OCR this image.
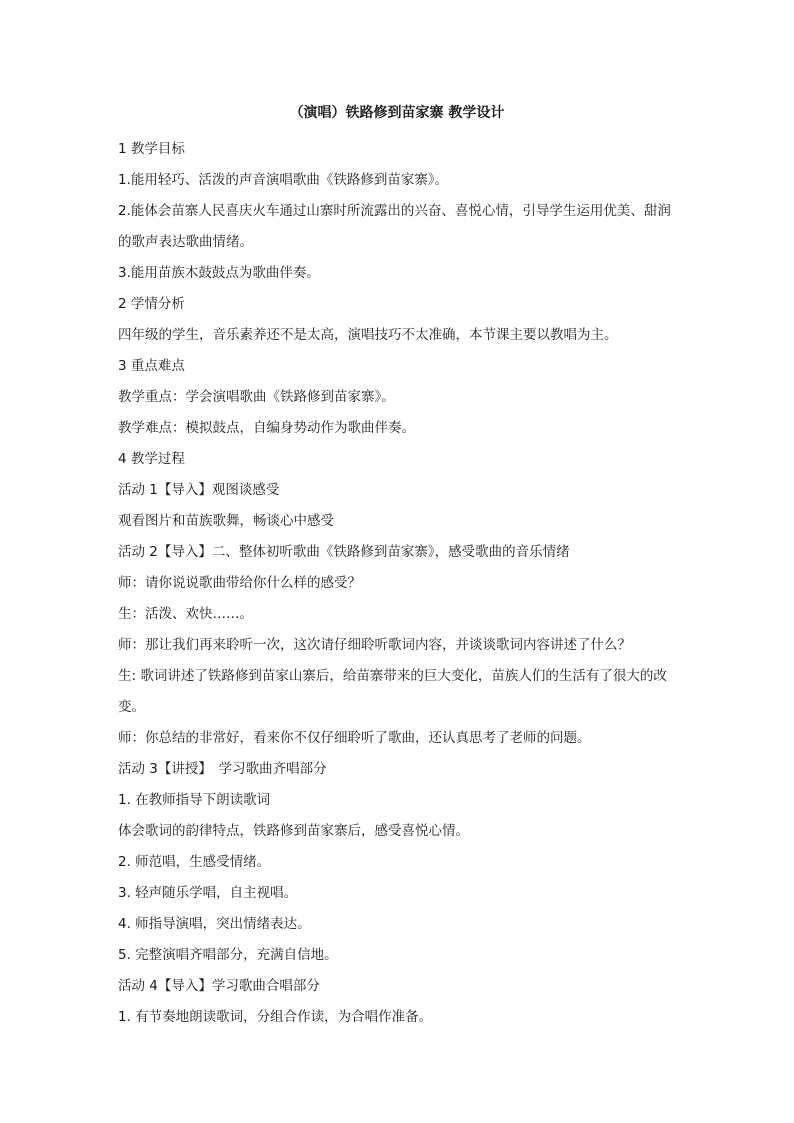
（演唱）铁路修到苗家寨 教学设计
1 教学目标
1.能用轻巧、活泼的声音演唱歌曲《铁路修到苗家寨》。
2.能体会苗寨人民喜庆火车通过山寨时所流露出的兴奋、喜悦心情，引导学生运用优美、甜润的歌声表达歌曲情绪。
3.能用苗族木鼓鼓点为歌曲伴奏。
2 学情分析
四年级的学生，音乐素养还不是太高，演唱技巧不太准确，本节课主要以教唱为主。
3 重点难点
教学重点：学会演唱歌曲《铁路修到苗家寨》。
教学难点：模拟鼓点，自编身势动作为歌曲伴奏。
4 教学过程
活动 1【导入】观图谈感受
观看图片和苗族歌舞，畅谈心中感受
活动 2【导入】二、整体初听歌曲《铁路修到苗家寨》，感受歌曲的音乐情绪
师：请你说说歌曲带给你什么样的感受？
生：活泼、欢快……。
师：那让我们再来聆听一次，这次请仔细聆听歌词内容，并谈谈歌词内容讲述了什么？
生: 歌词讲述了铁路修到苗家山寨后，给苗寨带来的巨大变化，苗族人们的生活有了很大的改变。
师：你总结的非常好，看来你不仅仔细聆听了歌曲，还认真思考了老师的问题。
活动 3【讲授】　学习歌曲齐唱部分
1. 在教师指导下朗读歌词
体会歌词的韵律特点，铁路修到苗家寨后，感受喜悦心情。
2. 师范唱，生感受情绪。
3. 轻声随乐学唱，自主视唱。
4. 师指导演唱，突出情绪表达。
5. 完整演唱齐唱部分，充满自信地。
活动 4【导入】学习歌曲合唱部分
1. 有节奏地朗读歌词，分组合作读，为合唱作准备。
